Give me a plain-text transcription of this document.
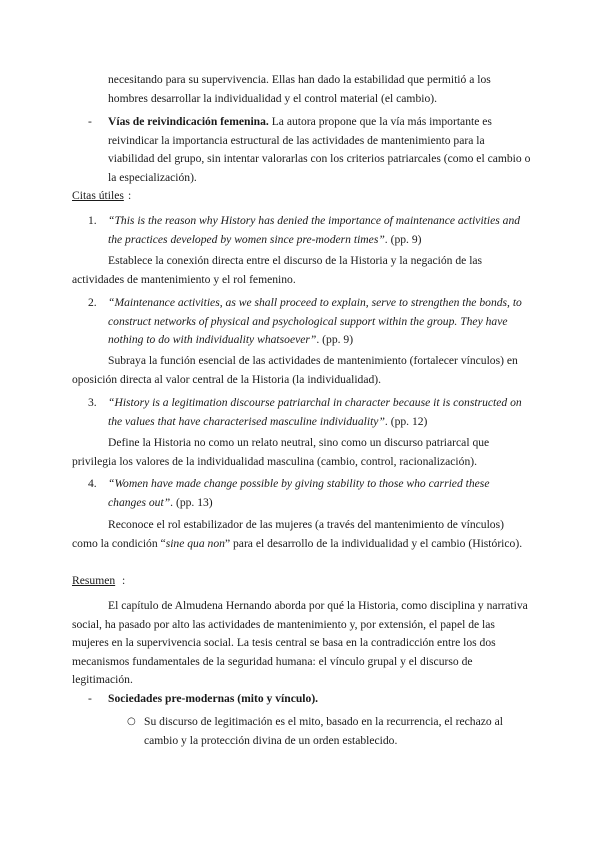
necesitando para su supervivencia. Ellas han dado la estabilidad que permitió a los hombres desarrollar la individualidad y el control material (el cambio).

- Vías de reivindicación femenina. La autora propone que la vía más importante es reivindicar la importancia estructural de las actividades de mantenimiento para la viabilidad del grupo, sin intentar valorarlas con los criterios patriarcales (como el cambio o la especialización).

Citas útiles :
1. “This is the reason why History has denied the importance of maintenance activities and the practices developed by women since pre-modern times”. (pp. 9)

Establece la conexión directa entre el discurso de la Historia y la negación de las actividades de mantenimiento y el rol femenino.

2. “Maintenance activities, as we shall proceed to explain, serve to strengthen the bonds, to construct networks of physical and psychological support within the group. They have nothing to do with individuality whatsoever”. (pp. 9)

Subraya la función esencial de las actividades de mantenimiento (fortalecer vínculos) en oposición directa al valor central de la Historia (la individualidad).

3. “History is a legitimation discourse patriarchal in character because it is constructed on the values that have characterised masculine individuality”. (pp. 12)

Define la Historia no como un relato neutral, sino como un discurso patriarcal que privilegia los valores de la individualidad masculina (cambio, control, racionalización).

4. “Women have made change possible by giving stability to those who carried these changes out”. (pp. 13)

Reconoce el rol estabilizador de las mujeres (a través del mantenimiento de vínculos) como la condición “sine qua non” para el desarrollo de la individualidad y el cambio (Histórico).

Resumen :

El capítulo de Almudena Hernando aborda por qué la Historia, como disciplina y narrativa social, ha pasado por alto las actividades de mantenimiento y, por extensión, el papel de las mujeres en la supervivencia social. La tesis central se basa en la contradicción entre los dos mecanismos fundamentales de la seguridad humana: el vínculo grupal y el discurso de legitimación.

- Sociedades pre-modernas (mito y vínculo).

○ Su discurso de legitimación es el mito, basado en la recurrencia, el rechazo al cambio y la protección divina de un orden establecido.
